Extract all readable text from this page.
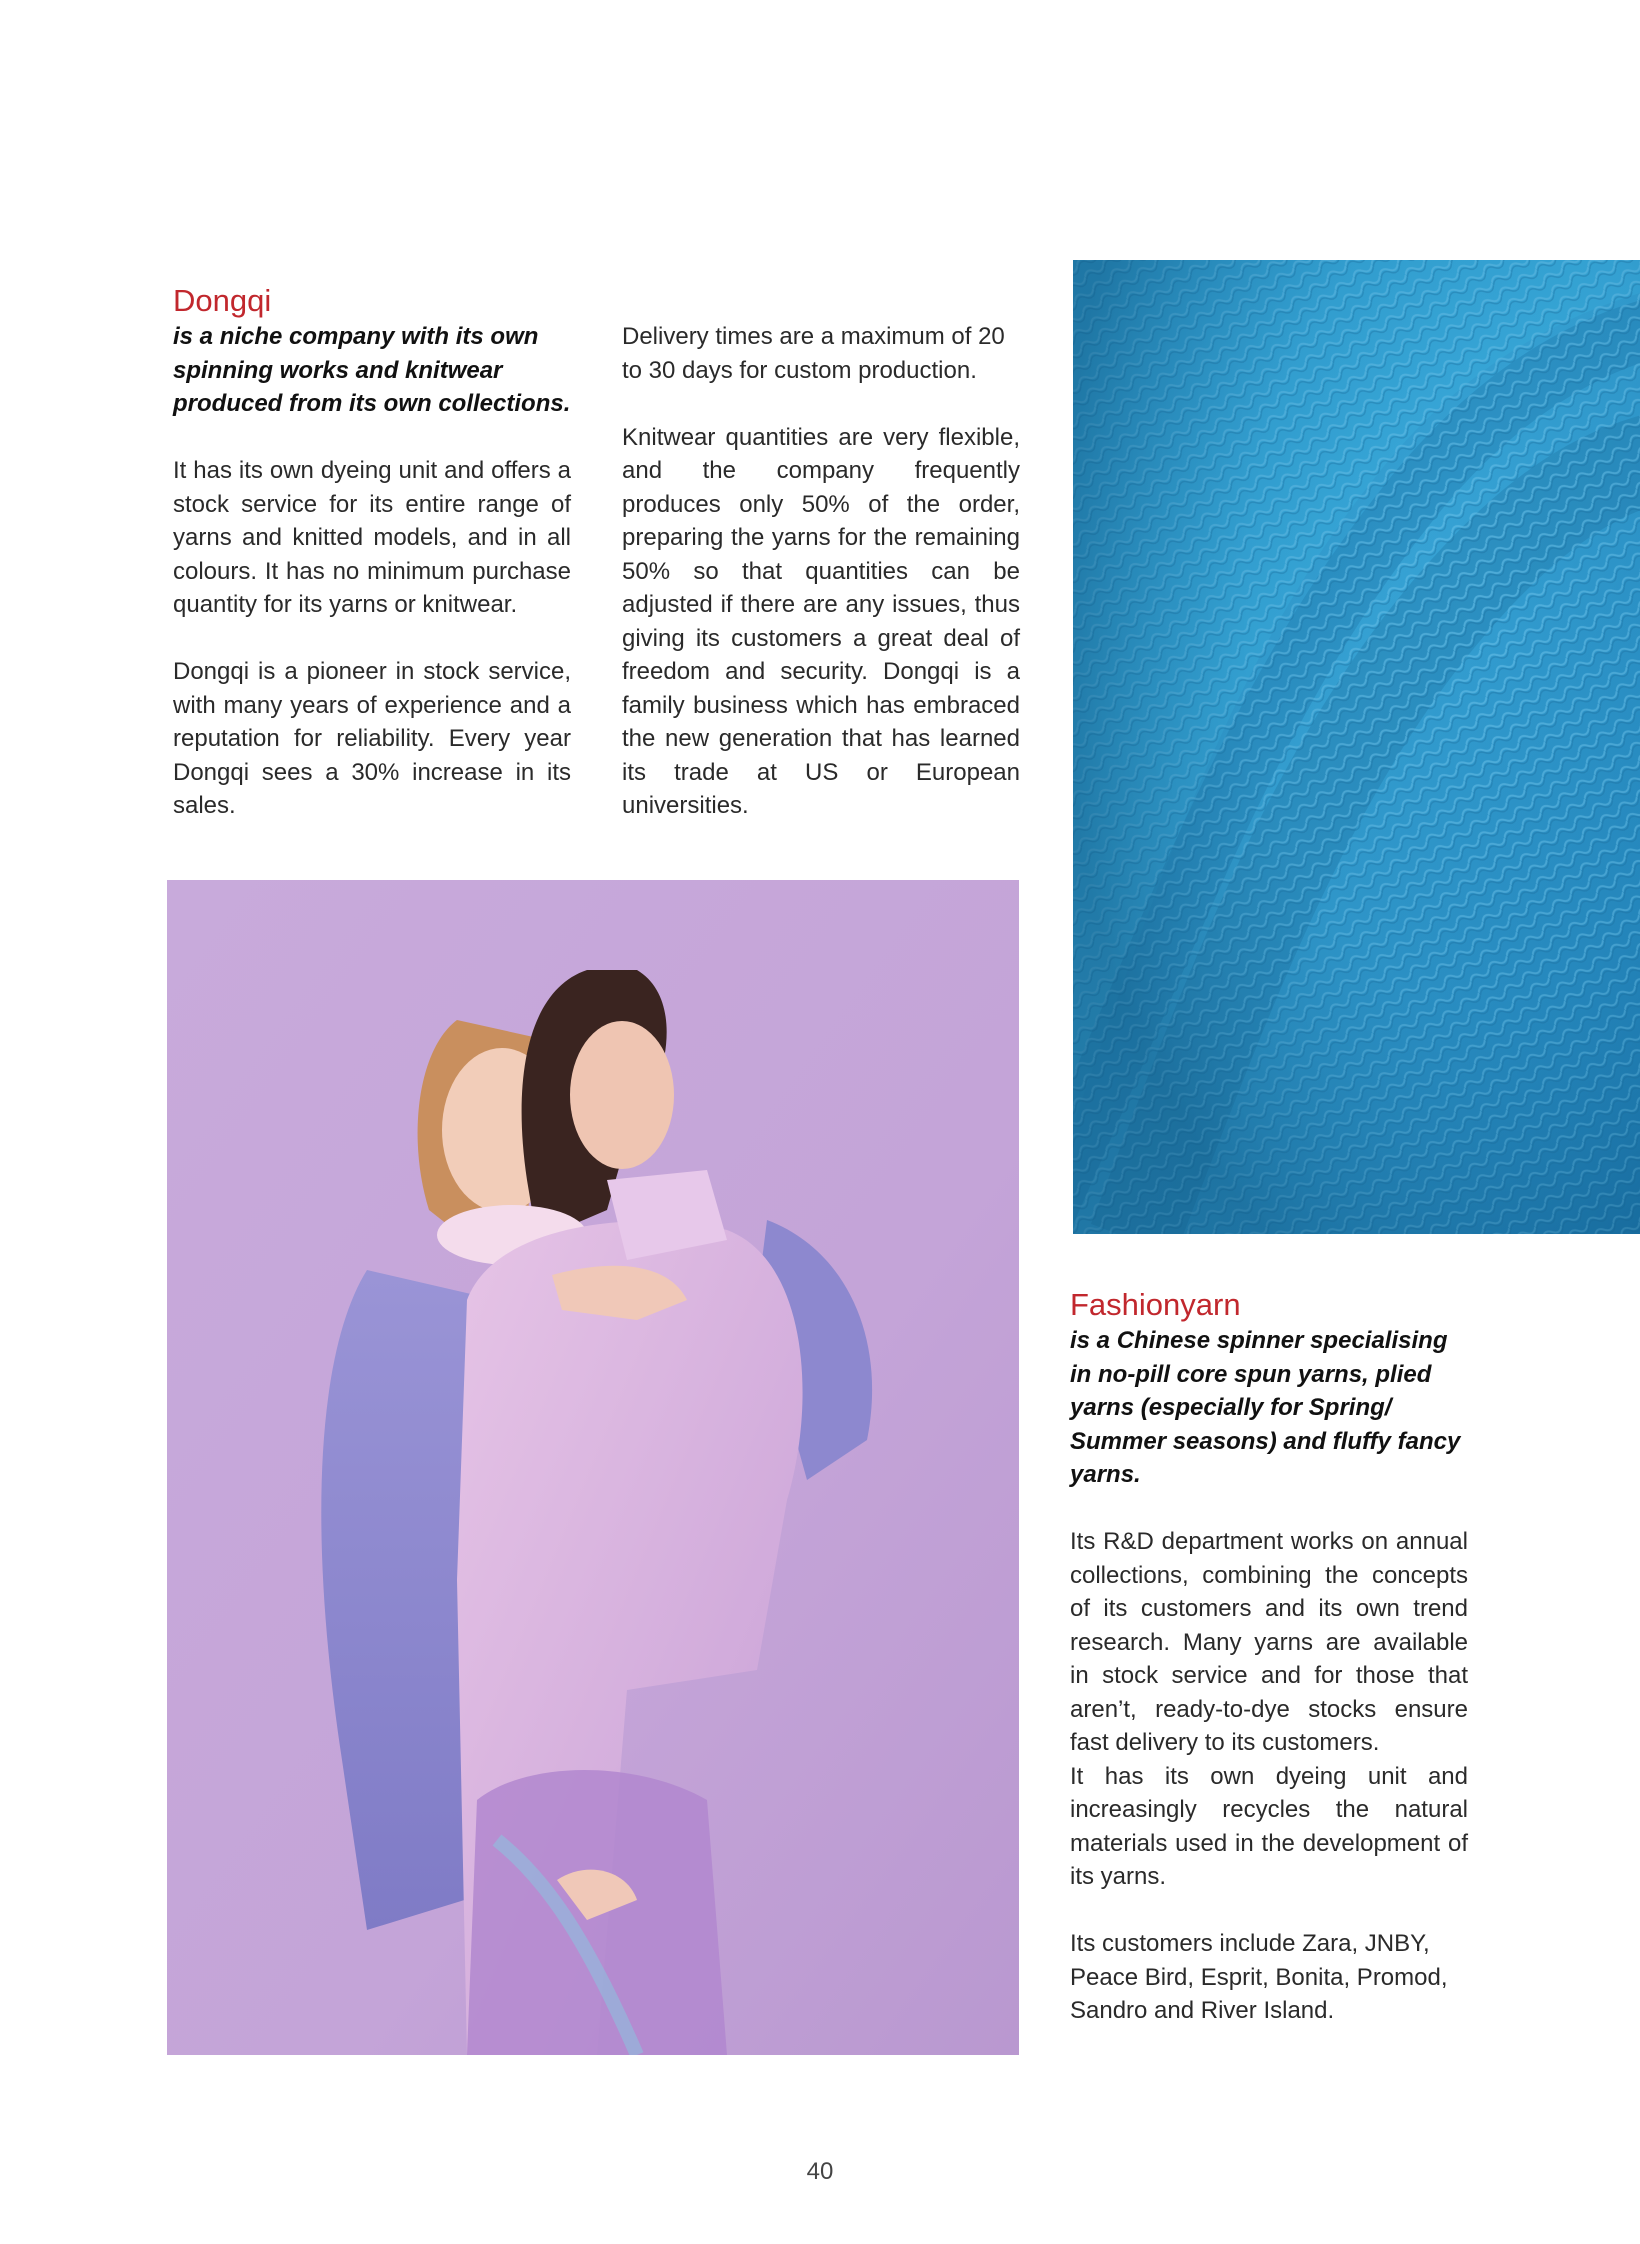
Dongqi

is a niche company with its own spinning works and knitwear produced from its own collections.

It has its own dyeing unit and offers a stock service for its entire range of yarns and knitted models, and in all colours. It has no minimum purchase quantity for its yarns or knitwear.

Dongqi is a pioneer in stock service, with many years of experience and a reputation for reliability. Every year Dongqi sees a 30% increase in its sales.

Delivery times are a maximum of 20 to 30 days for custom production.

Knitwear quantities are very flexible, and the company frequently produces only 50% of the order, preparing the yarns for the remaining 50% so that quantities can be adjusted if there are any issues, thus giving its customers a great deal of freedom and security. Dongqi is a family business which has embraced the new generation that has learned its trade at US or European universities.

Fashionyarn

is a Chinese spinner specialising in no-pill core spun yarns, plied yarns (especially for Spring/ Summer seasons) and fluffy fancy yarns.

Its R&D department works on annual collections, combining the concepts of its customers and its own trend research. Many yarns are available in stock service and for those that aren’t, ready-to-dye stocks ensure fast delivery to its customers.

It has its own dyeing unit and increasingly recycles the natural materials used in the development of its yarns.

Its customers include Zara, JNBY, Peace Bird, Esprit, Bonita, Promod, Sandro and River Island.

40
